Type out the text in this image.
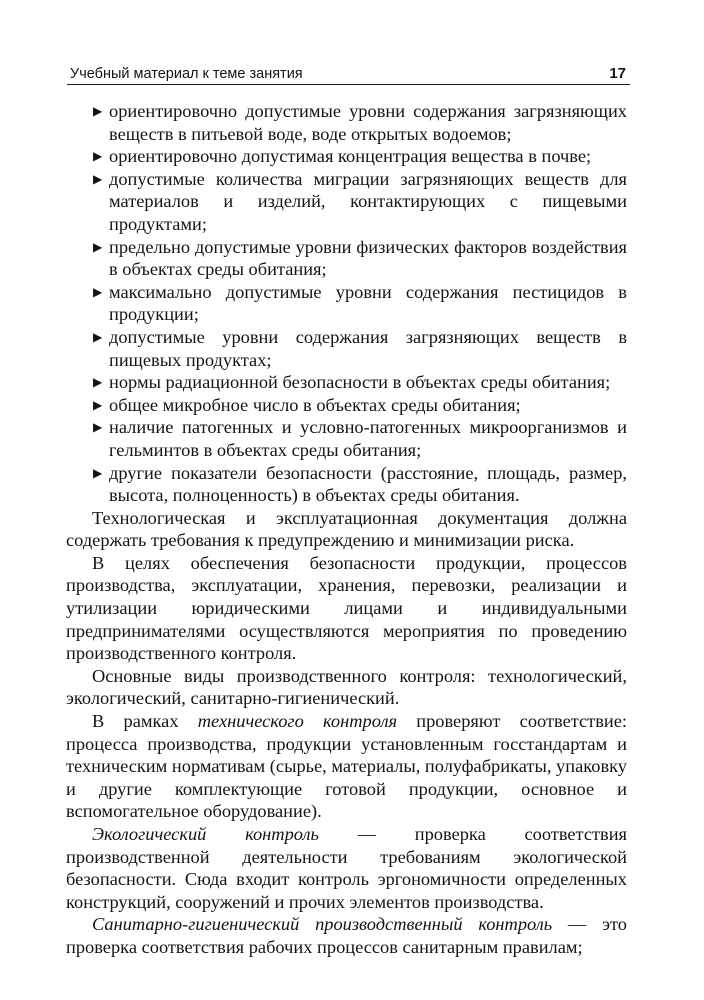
Учебный материал к теме занятия	17
▶ ориентировочно допустимые уровни содержания загрязняющих веществ в питьевой воде, воде открытых водоемов;
▶ ориентировочно допустимая концентрация вещества в почве;
▶ допустимые количества миграции загрязняющих веществ для материалов и изделий, контактирующих с пищевыми продуктами;
▶ предельно допустимые уровни физических факторов воздействия в объектах среды обитания;
▶ максимально допустимые уровни содержания пестицидов в продукции;
▶ допустимые уровни содержания загрязняющих веществ в пищевых продуктах;
▶ нормы радиационной безопасности в объектах среды обитания;
▶ общее микробное число в объектах среды обитания;
▶ наличие патогенных и условно-патогенных микроорганизмов и гельминтов в объектах среды обитания;
▶ другие показатели безопасности (расстояние, площадь, размер, высота, полноценность) в объектах среды обитания.

Технологическая и эксплуатационная документация должна содержать требования к предупреждению и минимизации риска.

В целях обеспечения безопасности продукции, процессов производства, эксплуатации, хранения, перевозки, реализации и утилизации юридическими лицами и индивидуальными предпринимателями осуществляются мероприятия по проведению производственного контроля.

Основные виды производственного контроля: технологический, экологический, санитарно-гигиенический.

В рамках технического контроля проверяют соответствие: процесса производства, продукции установленным госстандартам и техническим нормативам (сырье, материалы, полуфабрикаты, упаковку и другие комплектующие готовой продукции, основное и вспомогательное оборудование).

Экологический контроль — проверка соответствия производственной деятельности требованиям экологической безопасности. Сюда входит контроль эргономичности определенных конструкций, сооружений и прочих элементов производства.

Санитарно-гигиенический производственный контроль — это проверка соответствия рабочих процессов санитарным правилам;
